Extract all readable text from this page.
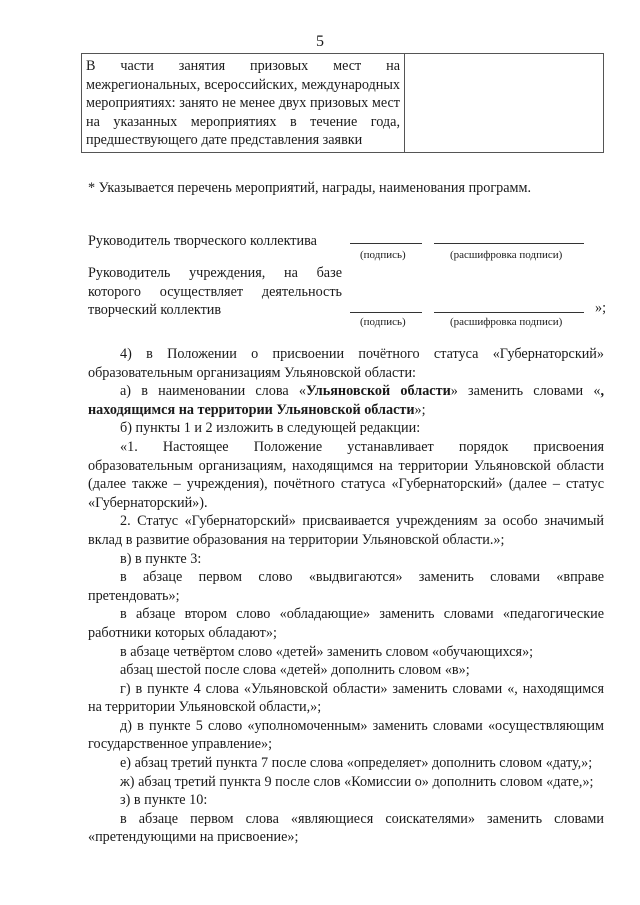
5
В части занятия призовых мест на межрегиональных, всероссийских, международных мероприятиях: занято не менее двух призовых мест на указанных мероприятиях в течение года, предшествующего дате представления заявки	
* Указывается перечень мероприятий, награды, наименования программ.
Руководитель творческого коллектива
(подпись)	(расшифровка подписи)
Руководитель учреждения, на базе которого осуществляет деятельность творческий коллектив
(подпись)	(расшифровка подписи)
»;

4) в Положении о присвоении почётного статуса «Губернаторский» образовательным организациям Ульяновской области:

а) в наименовании слова «Ульяновской области» заменить словами «, находящимся на территории Ульяновской области»;

б) пункты 1 и 2 изложить в следующей редакции:

«1. Настоящее Положение устанавливает порядок присвоения образовательным организациям, находящимся на территории Ульяновской области (далее также – учреждения), почётного статуса «Губернаторский» (далее – статус «Губернаторский»).

2. Статус «Губернаторский» присваивается учреждениям за особо значимый вклад в развитие образования на территории Ульяновской области.»;

в) в пункте 3:

в абзаце первом слово «выдвигаются» заменить словами «вправе претендовать»;

в абзаце втором слово «обладающие» заменить словами «педагогические работники которых обладают»;

в абзаце четвёртом слово «детей» заменить словом «обучающихся»;

абзац шестой после слова «детей» дополнить словом «в»;

г) в пункте 4 слова «Ульяновской области» заменить словами «, находящимся на территории Ульяновской области,»;

д) в пункте 5 слово «уполномоченным» заменить словами «осуществляющим государственное управление»;

е) абзац третий пункта 7 после слова «определяет» дополнить словом «дату,»;

ж) абзац третий пункта 9 после слов «Комиссии о» дополнить словом «дате,»;

з) в пункте 10:

в абзаце первом слова «являющиеся соискателями» заменить словами «претендующими на присвоение»;
